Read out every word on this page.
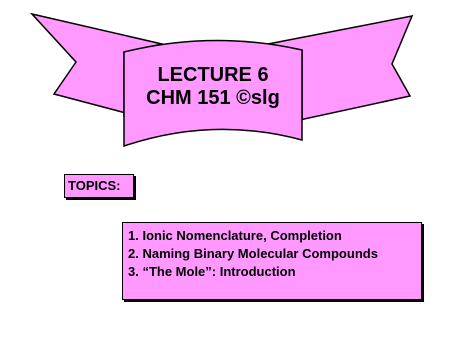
LECTURE 6
CHM 151 ©slg
TOPICS:
1. Ionic Nomenclature, Completion
2. Naming Binary Molecular Compounds
3. “The Mole”: Introduction
